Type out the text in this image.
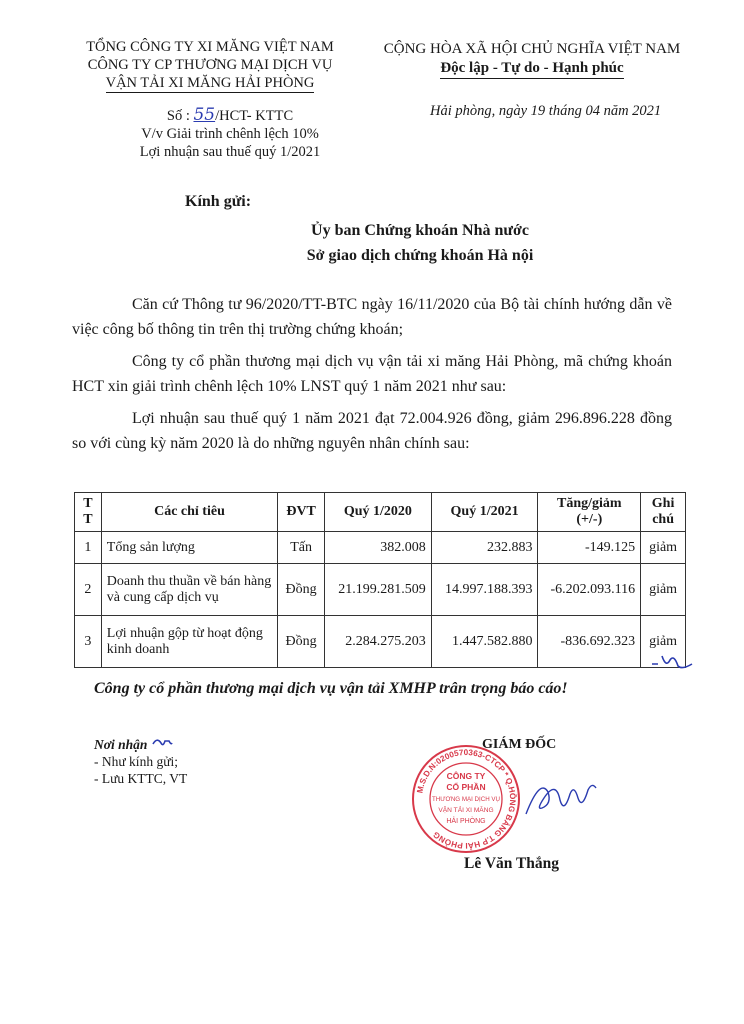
TỔNG CÔNG TY XI MĂNG VIỆT NAM
CÔNG TY CP THƯƠNG MẠI DỊCH VỤ
VẬN TẢI XI MĂNG HẢI PHÒNG
CỘNG HÒA XÃ HỘI CHỦ NGHĨA VIỆT NAM
Độc lập - Tự do - Hạnh phúc
Hải phòng, ngày 19 tháng 04 năm 2021
Số : 55/HCT- KTTC
V/v Giải trình chênh lệch 10%
Lợi nhuận sau thuế quý 1/2021
Kính gửi:
Ủy ban Chứng khoán Nhà nước
Sở giao dịch chứng khoán Hà nội

Căn cứ Thông tư 96/2020/TT-BTC ngày 16/11/2020 của Bộ tài chính hướng dẫn về việc công bố thông tin trên thị trường chứng khoán;

Công ty cổ phần thương mại dịch vụ vận tải xi măng Hải Phòng, mã chứng khoán HCT xin giải trình chênh lệch 10% LNST quý 1 năm 2021 như sau:

Lợi nhuận sau thuế quý 1 năm 2021 đạt 72.004.926 đồng, giảm 296.896.228 đồng so với cùng kỳ năm 2020 là do những nguyên nhân chính sau:

T T	Các chỉ tiêu	ĐVT	Quý 1/2020	Quý 1/2021	Tăng/giảm (+/-)	Ghi chú
1	Tổng sản lượng	Tấn	382.008	232.883	-149.125	giảm
2	Doanh thu thuần về bán hàng và cung cấp dịch vụ	Đồng	21.199.281.509	14.997.188.393	-6.202.093.116	giảm
3	Lợi nhuận gộp từ hoạt động kinh doanh	Đồng	2.284.275.203	1.447.582.880	-836.692.323	giảm
Công ty cổ phần thương mại dịch vụ vận tải XMHP trân trọng báo cáo!
Nơi nhận
- Như kính gửi;
- Lưu KTTC, VT
M.S.D.N:0200570363-CTCP * Q.HỒNG BÀNG T.P HẢI PHÒNG
CÔNG TY
CỔ PHẦN
THƯƠNG MẠI DỊCH VỤ
VẬN TẢI XI MĂNG
HẢI PHÒNG
GIÁM ĐỐC
Lê Văn Thắng
